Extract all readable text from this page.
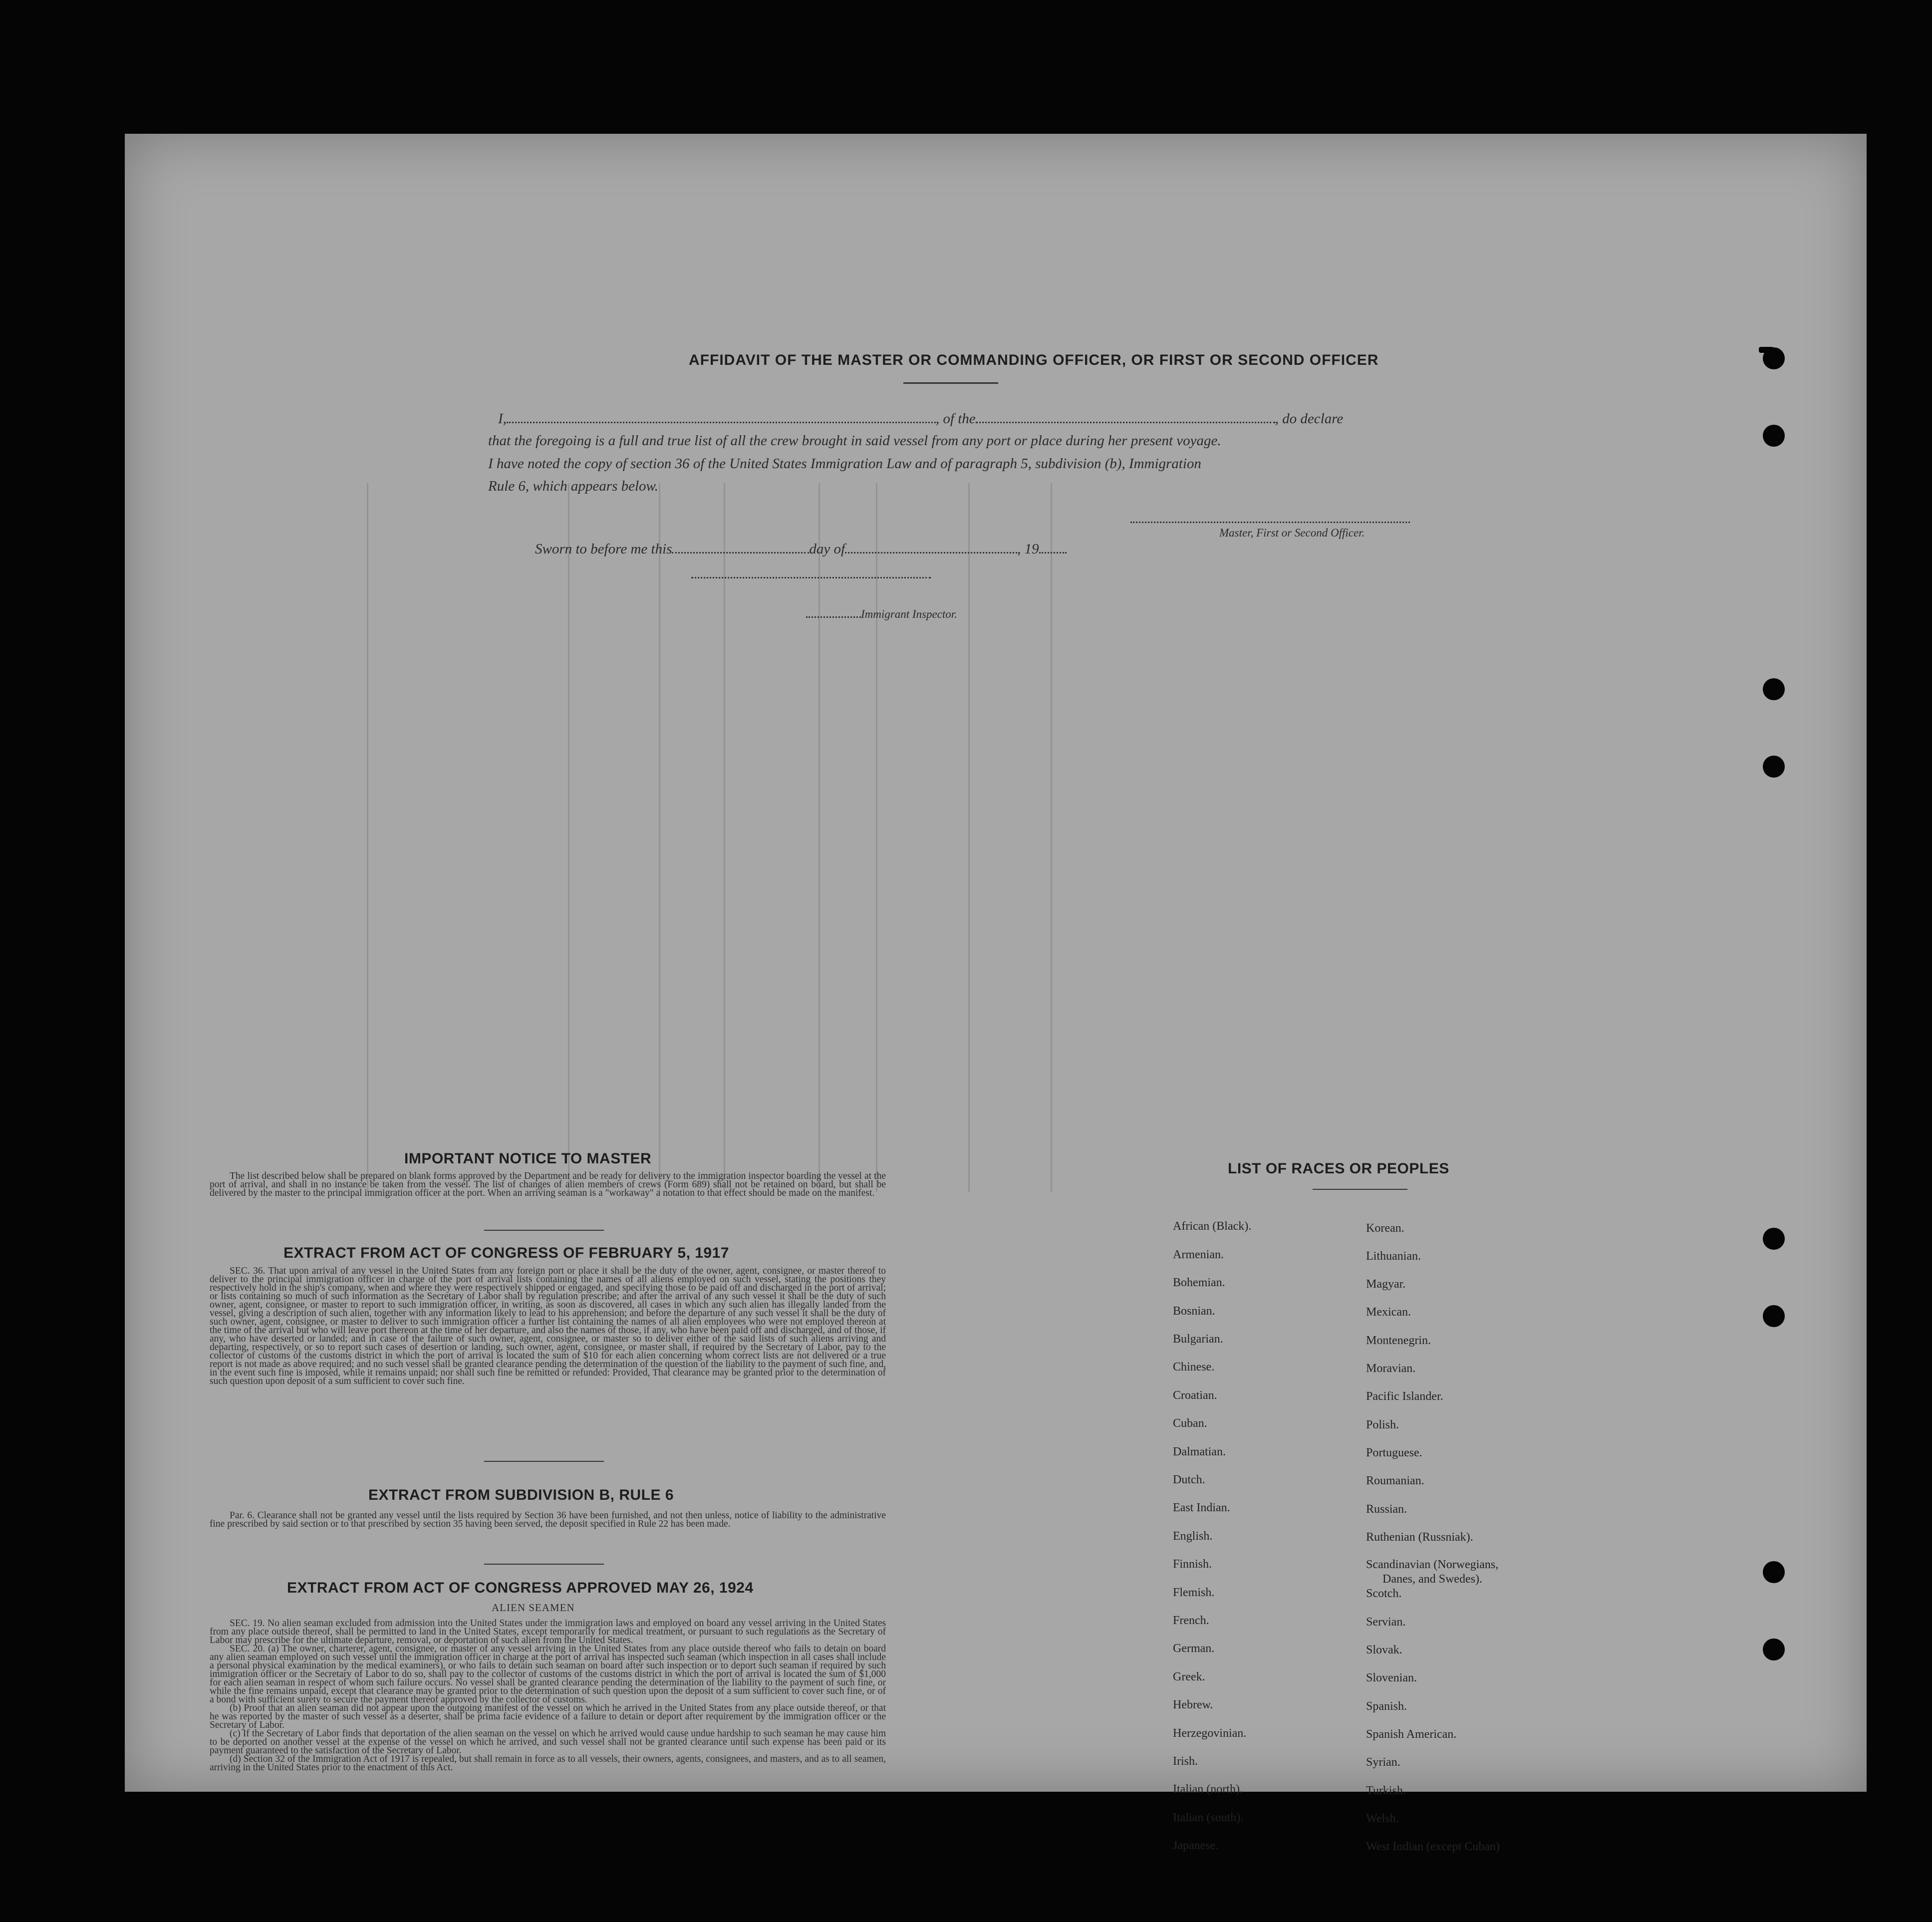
AFFIDAVIT OF THE MASTER OR COMMANDING OFFICER, OR FIRST OR SECOND OFFICER
I,	, of the	, do declare
that the foregoing is a full and true list of all the crew brought in said vessel from any port or place during her present voyage.
I have noted the copy of section 36 of the United States Immigration Law and of paragraph 5, subdivision (b), Immigration
Rule 6, which appears below.
Master, First or Second Officer.
Sworn to before me this	day of	, 19
Immigrant Inspector.
IMPORTANT NOTICE TO MASTER

The list described below shall be prepared on blank forms approved by the Department and be ready for delivery to the immigration inspector boarding the vessel at the port of arrival, and shall in no instance be taken from the vessel. The list of changes of alien members of crews (Form 689) shall not be retained on board, but shall be delivered by the master to the principal immigration officer at the port. When an arriving seaman is a "workaway" a notation to that effect should be made on the manifest.

EXTRACT FROM ACT OF CONGRESS OF FEBRUARY 5, 1917

SEC. 36. That upon arrival of any vessel in the United States from any foreign port or place it shall be the duty of the owner, agent, consignee, or master thereof to deliver to the principal immigration officer in charge of the port of arrival lists containing the names of all aliens employed on such vessel, stating the positions they respectively hold in the ship's company, when and where they were respectively shipped or engaged, and specifying those to be paid off and discharged in the port of arrival; or lists containing so much of such information as the Secretary of Labor shall by regulation prescribe; and after the arrival of any such vessel it shall be the duty of such owner, agent, consignee, or master to report to such immigration officer, in writing, as soon as discovered, all cases in which any such alien has illegally landed from the vessel, giving a description of such alien, together with any information likely to lead to his apprehension; and before the departure of any such vessel it shall be the duty of such owner, agent, consignee, or master to deliver to such immigration officer a further list containing the names of all alien employees who were not employed thereon at the time of the arrival but who will leave port thereon at the time of her departure, and also the names of those, if any, who have been paid off and discharged, and of those, if any, who have deserted or landed; and in case of the failure of such owner, agent, consignee, or master so to deliver either of the said lists of such aliens arriving and departing, respectively, or so to report such cases of desertion or landing, such owner, agent, consignee, or master shall, if required by the Secretary of Labor, pay to the collector of customs of the customs district in which the port of arrival is located the sum of $10 for each alien concerning whom correct lists are not delivered or a true report is not made as above required; and no such vessel shall be granted clearance pending the determination of the question of the liability to the payment of such fine, and, in the event such fine is imposed, while it remains unpaid; nor shall such fine be remitted or refunded: Provided, That clearance may be granted prior to the determination of such question upon deposit of a sum sufficient to cover such fine.

EXTRACT FROM SUBDIVISION B, RULE 6

Par. 6. Clearance shall not be granted any vessel until the lists required by Section 36 have been furnished, and not then unless, notice of liability to the administrative fine prescribed by said section or to that prescribed by section 35 having been served, the deposit specified in Rule 22 has been made.

EXTRACT FROM ACT OF CONGRESS APPROVED MAY 26, 1924
ALIEN SEAMEN

SEC. 19. No alien seaman excluded from admission into the United States under the immigration laws and employed on board any vessel arriving in the United States from any place outside thereof, shall be permitted to land in the United States, except temporarily for medical treatment, or pursuant to such regulations as the Secretary of Labor may prescribe for the ultimate departure, removal, or deportation of such alien from the United States.

SEC. 20. (a) The owner, charterer, agent, consignee, or master of any vessel arriving in the United States from any place outside thereof who fails to detain on board any alien seaman employed on such vessel until the immigration officer in charge at the port of arrival has inspected such seaman (which inspection in all cases shall include a personal physical examination by the medical examiners), or who fails to detain such seaman on board after such inspection or to deport such seaman if required by such immigration officer or the Secretary of Labor to do so, shall pay to the collector of customs of the customs district in which the port of arrival is located the sum of $1,000 for each alien seaman in respect of whom such failure occurs. No vessel shall be granted clearance pending the determination of the liability to the payment of such fine, or while the fine remains unpaid, except that clearance may be granted prior to the determination of such question upon the deposit of a sum sufficient to cover such fine, or of a bond with sufficient surety to secure the payment thereof approved by the collector of customs.

(b) Proof that an alien seaman did not appear upon the outgoing manifest of the vessel on which he arrived in the United States from any place outside thereof, or that he was reported by the master of such vessel as a deserter, shall be prima facie evidence of a failure to detain or deport after requirement by the immigration officer or the Secretary of Labor.

(c) If the Secretary of Labor finds that deportation of the alien seaman on the vessel on which he arrived would cause undue hardship to such seaman he may cause him to be deported on another vessel at the expense of the vessel on which he arrived, and such vessel shall not be granted clearance until such expense has been paid or its payment guaranteed to the satisfaction of the Secretary of Labor.

(d) Section 32 of the Immigration Act of 1917 is repealed, but shall remain in force as to all vessels, their owners, agents, consignees, and masters, and as to all seamen, arriving in the United States prior to the enactment of this Act.

LIST OF RACES OR PEOPLES
African (Black).
Armenian.
Bohemian.
Bosnian.
Bulgarian.
Chinese.
Croatian.
Cuban.
Dalmatian.
Dutch.
East Indian.
English.
Finnish.
Flemish.
French.
German.
Greek.
Hebrew.
Herzegovinian.
Irish.
Italian (north).
Italian (south).
Japanese.
Korean.
Lithuanian.
Magyar.
Mexican.
Montenegrin.
Moravian.
Pacific Islander.
Polish.
Portuguese.
Roumanian.
Russian.
Ruthenian (Russniak).
Scandinavian (Norwegians,
Danes, and Swedes).
Scotch.
Servian.
Slovak.
Slovenian.
Spanish.
Spanish American.
Syrian.
Turkish.
Welsh.
West Indian (except Cuban)
